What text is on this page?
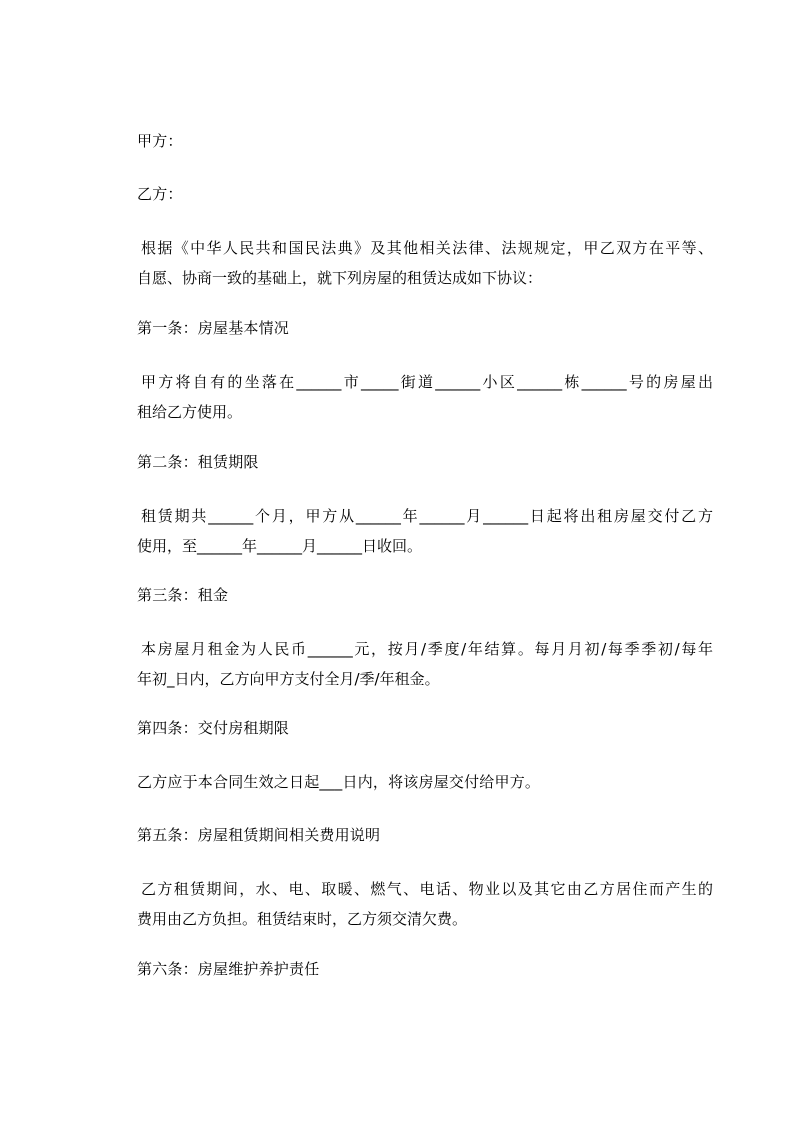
甲方：
乙方：
根据《中华人民共和国民法典》及其他相关法律、法规规定，甲乙双方在平等、
自愿、协商一致的基础上，就下列房屋的租赁达成如下协议：
第一条：房屋基本情况
甲方将自有的坐落在______市_____街道______小区______栋______号的房屋出
租给乙方使用。
第二条：租赁期限
租赁期共______个月，甲方从______年______月______日起将出租房屋交付乙方
使用，至______年______月______日收回。
第三条：租金
本房屋月租金为人民币______元，按月/季度/年结算。每月月初/每季季初/每年
年初_日内，乙方向甲方支付全月/季/年租金。
第四条：交付房租期限
乙方应于本合同生效之日起___日内，将该房屋交付给甲方。
第五条：房屋租赁期间相关费用说明
乙方租赁期间，水、电、取暖、燃气、电话、物业以及其它由乙方居住而产生的
费用由乙方负担。租赁结束时，乙方须交清欠费。
第六条：房屋维护养护责任
